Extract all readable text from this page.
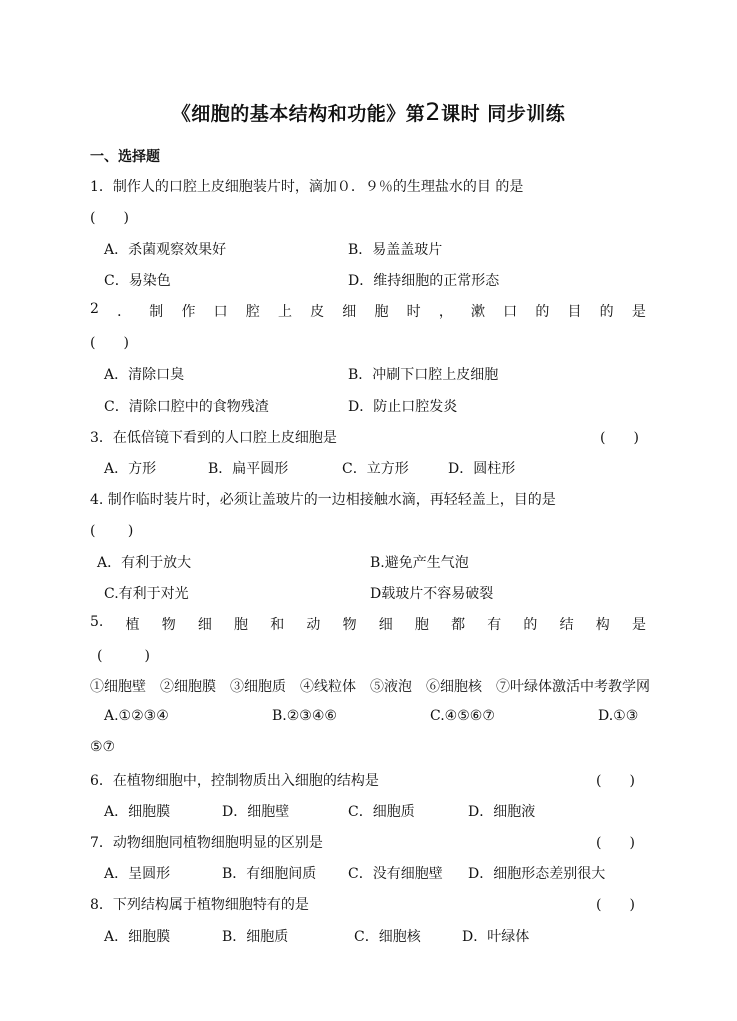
《细胞的基本结构和功能》第2课时 同步训练
一、选择题
1．制作人的口腔上皮细胞装片时，滴加０．９％的生理盐水的目 的是
(　　)
A．杀菌观察效果好	B．易盖盖玻片
C．易染色	D．维持细胞的正常形态
2 ． 制 作 口 腔 上 皮 细 胞 时 ， 漱 口 的 目 的 是
(　　)
A．清除口臭	B．冲刷下口腔上皮细胞
C．清除口腔中的食物残渣	D．防止口腔发炎
3．在低倍镜下看到的人口腔上皮细胞是	(　　)
A．方形	B．扁平圆形	C．立方形	D．圆柱形
4. 制作临时装片时，必须让盖玻片的一边相接触水滴，再轻轻盖上，目的是
(　　 )
A．有利于放大	B.避免产生气泡
C.有利于对光	D载玻片不容易破裂
5. 植 物 细 胞 和 动 物 细 胞 都 有 的 结 构 是
(　　　)
①细胞壁　②细胞膜　③细胞质　④线粒体　⑤液泡　⑥细胞核　⑦叶绿体激活中考教学网
A.①②③④	B.②③④⑥	C.④⑤⑥⑦	D.①③
⑤⑦
6．在植物细胞中，控制物质出入细胞的结构是	(　　)
A．细胞膜	D．细胞壁	C．细胞质	D．细胞液
7．动物细胞同植物细胞明显的区别是	(　　)
A．呈圆形	B．有细胞间质 C．没有细胞壁 D．细胞形态差别很大
8．下列结构属于植物细胞特有的是	(　　)
A．细胞膜	B．细胞质	C．细胞核	D．叶绿体
